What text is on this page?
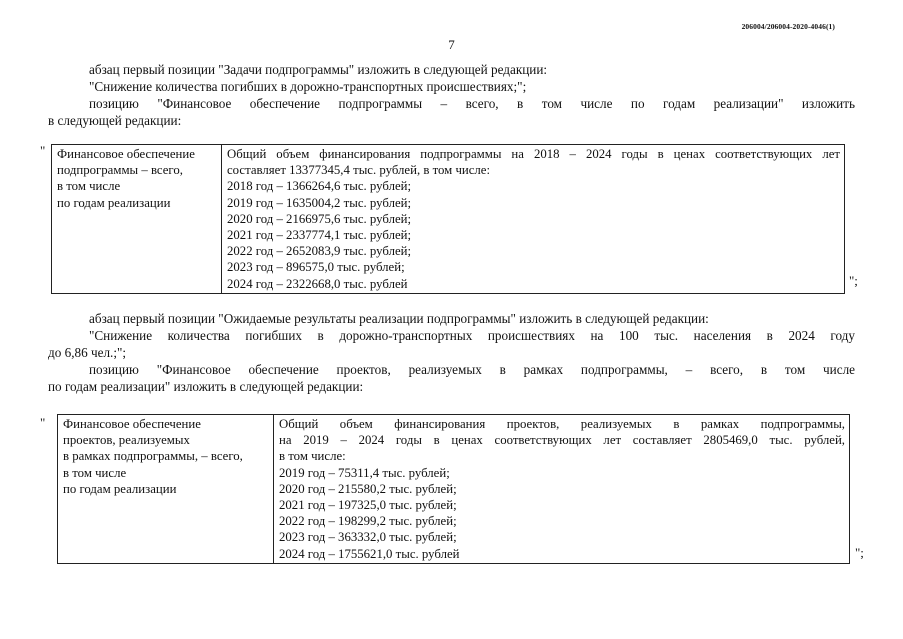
206004/206004-2020-4046(1)
7
абзац первый позиции "Задачи подпрограммы" изложить в следующей редакции:
"Снижение количества погибших в дорожно-транспортных происшествиях;";
позицию "Финансовое обеспечение подпрограммы – всего, в том числе по годам реализации" изложить
в следующей редакции:
" Финансовое обеспечение
подпрограммы – всего,
в том числе
по годам реализации

Общий объем финансирования подпрограммы на 2018 – 2024 годы в ценах соответствующих лет
составляет 13377345,4 тыс. рублей, в том числе:
2018 год – 1366264,6 тыс. рублей;
2019 год – 1635004,2 тыс. рублей;
2020 год – 2166975,6 тыс. рублей;
2021 год – 2337774,1 тыс. рублей;
2022 год – 2652083,9 тыс. рублей;
2023 год – 896575,0 тыс. рублей;
2024 год – 2322668,0 тыс. рублей	";
абзац первый позиции "Ожидаемые результаты реализации подпрограммы" изложить в следующей редакции:
"Снижение количества погибших в дорожно-транспортных происшествиях на 100 тыс. населения в 2024 году
до 6,86 чел.;";
позицию "Финансовое обеспечение проектов, реализуемых в рамках подпрограммы, – всего, в том числе
по годам реализации" изложить в следующей редакции:
" Финансовое обеспечение
проектов, реализуемых
в рамках подпрограммы, – всего,
в том числе
по годам реализации

Общий объем финансирования проектов, реализуемых в рамках подпрограммы,
на 2019 – 2024 годы в ценах соответствующих лет составляет 2805469,0 тыс. рублей,
в том числе:
2019 год – 75311,4 тыс. рублей;
2020 год – 215580,2 тыс. рублей;
2021 год – 197325,0 тыс. рублей;
2022 год – 198299,2 тыс. рублей;
2023 год – 363332,0 тыс. рублей;
2024 год – 1755621,0 тыс. рублей	";
